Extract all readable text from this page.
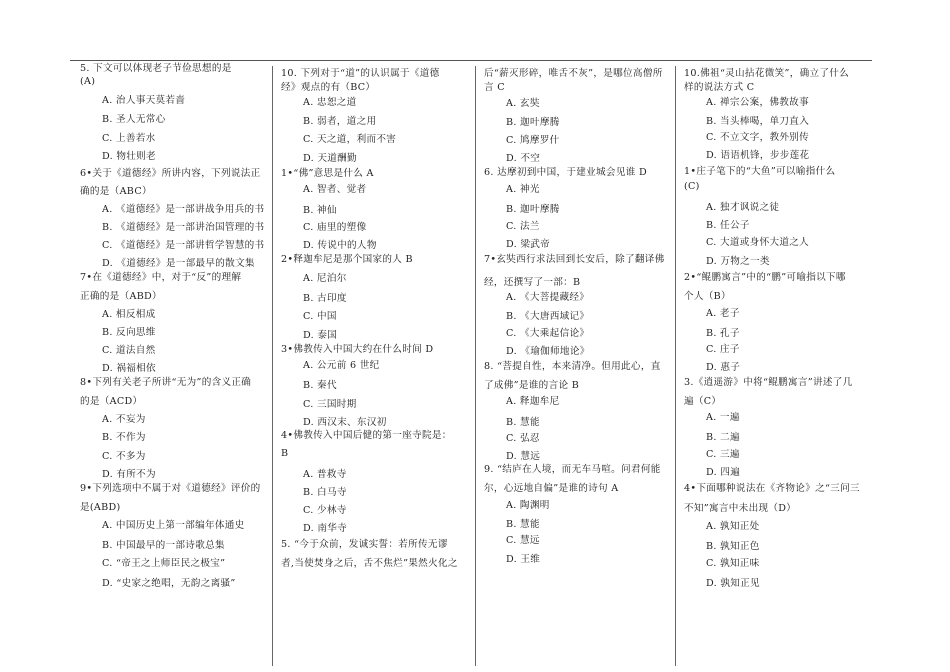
5. 下文可以体现老子节俭思想的是
(A)
A. 治人事天莫若啬
B. 圣人无常心
C. 上善若水
D. 物壮则老
6•关于《道德经》所讲内容，下列说法正
确的是（ABC）
A. 《道德经》是一部讲战争用兵的书
B. 《道德经》是一部讲治国管理的书
C. 《道德经》是一部讲哲学智慧的书
D. 《道德经》是一部最早的散文集
7•在《道德经》中，对于“反”的理解
正确的是（ABD）
A. 相反相成
B. 反向思维
C. 道法自然
D. 祸福相依
8•下列有关老子所讲“无为”的含义正确
的是（ACD）
A. 不妄为
B. 不作为
C. 不多为
D. 有所不为
9•下列选项中不属于对《道德经》评价的
是(ABD)
A. 中国历史上第一部编年体通史
B. 中国最早的一部诗歌总集
C. “帝王之上师臣民之极宝”
D. “史家之绝唱，无韵之离骚”
10. 下列对于“道”的认识属于《道德
经》观点的有（BC）
A. 忠恕之道
B. 弱者，道之用
C. 天之道，利而不害
D. 天道酬勤
1•“佛”意思是什么 A
A. 智者、觉者
B. 神仙
C. 庙里的塑像
D. 传说中的人物
2•释迦牟尼是那个国家的人 B
A. 尼泊尔
B. 古印度
C. 中国
D. 泰国
3•佛教传入中国大约在什么时间 D
A. 公元前 6 世纪
B. 秦代
C. 三国时期
D. 西汉末、东汉初
4•佛教传入中国后健的第一座寺院是：
B
A. 普救寺
B. 白马寺
C. 少林寺
D. 南华寺
5. “今于众前，发诚实誓：若所传无谬
者,当使焚身之后，舌不焦烂”果然火化之
后“薪灭形碎，唯舌不灰”，是哪位高僧所
言 C
A. 玄奘
B. 迦叶摩腾
C. 鸠摩罗什
D. 不空
6. 达摩初到中国，于建业城会见谁 D
A. 神光
B. 迦叶摩腾
C. 法兰
D. 梁武帝
7•玄奘西行求法回到长安后，除了翻译佛
经，还撰写了一部：B
A. 《大菩提藏经》
B. 《大唐西域记》
C. 《大乘起信论》
D. 《瑜伽师地论》
8. “菩提自性，本来清净。但用此心，直
了成佛”是谁的言论 B
A. 释迦牟尼
B. 慧能
C. 弘忍
D. 慧远
9. “结庐在人境，而无车马喧。问君何能
尔，心远地自偏”是谁的诗句 A
A. 陶渊明
B. 慧能
C. 慧远
D. 王维
10.佛祖“灵山拈花微笑”，确立了什么
样的说法方式 C
A. 禅宗公案，佛教故事
B. 当头棒喝，单刀直入
C. 不立文字，教外别传
D. 语语机锋，步步莲花
1•庄子笔下的“大鱼”可以喻指什么
(C)
A. 独才讽说之徒
B. 任公子
C. 大道或身怀大道之人
D. 万物之一类
2•“鲲鹏寓言”中的“鹏”可喻指以下哪
个人（B）
A. 老子
B. 孔子
C. 庄子
D. 惠子
3.《逍遥游》中将“鲲鹏寓言”讲述了几
遍（C）
A. 一遍
B. 二遍
C. 三遍
D. 四遍
4•下面哪种说法在《齐物论》之“三问三
不知”寓言中未出现（D）
A. 孰知正处
B. 孰知正色
C. 孰知正味
D. 孰知正见
